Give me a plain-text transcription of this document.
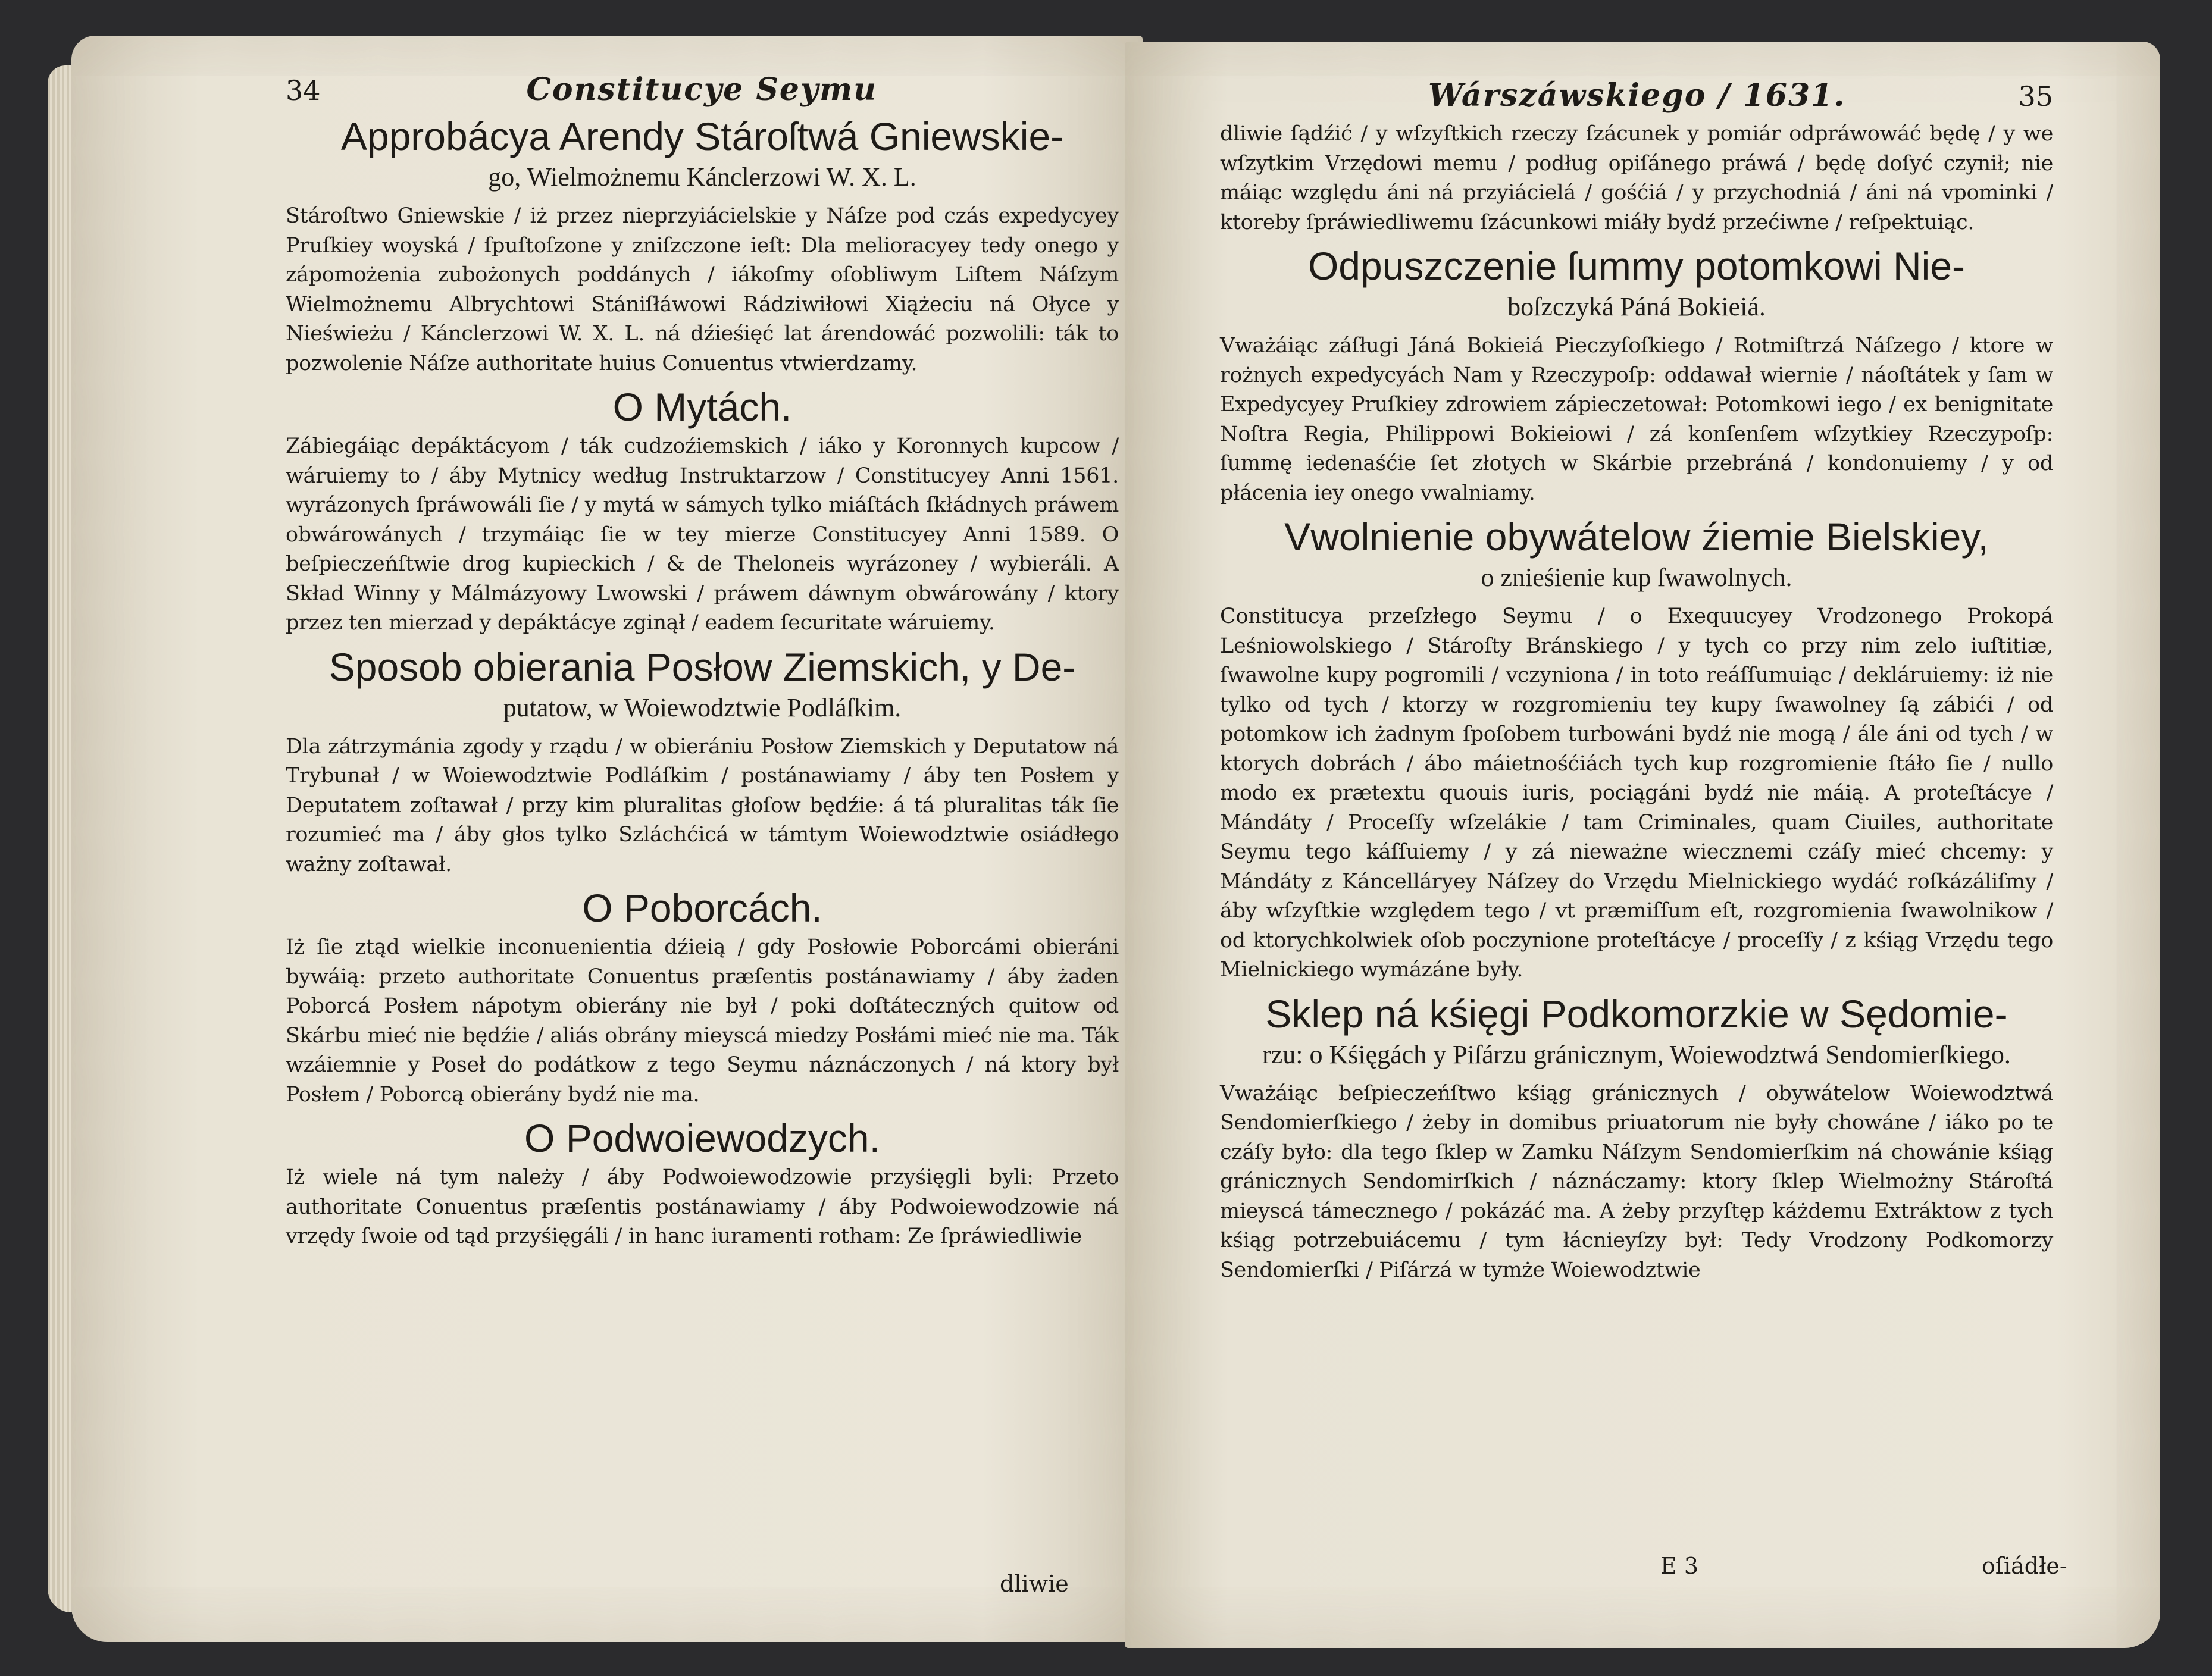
34	Constitucye Seymu
Approbácya Arendy Stároſtwá Gniewskie-
go, Wielmożnemu Kánclerzowi W. X. L.

Stároſtwo Gniewskie / iż przez nieprzyiácielskie y Náſze pod czás expedycyey Pruſkiey woyská / ſpuſtoſzone y zniſzczone ieſt: Dla melioracyey tedy onego y zápomożenia zubożonych poddánych / iákoſmy oſobliwym Liſtem Náſzym Wielmożnemu Albrychtowi Stániſłáwowi Rádziwiłowi Xiążeciu ná Ołyce y Nieświeżu / Kánclerzowi W. X. L. ná dźieśięć lat árendowáć pozwolili: ták to pozwolenie Náſze authoritate huius Conuentus vtwierdzamy.

O Mytách.

Zábiegáiąc depáktácyom / ták cudzoźiemskich / iáko y Koronnych kupcow / wáruiemy to / áby Mytnicy według Instruktarzow / Constitucyey Anni 1561. wyrázonych ſpráwowáli ſie / y mytá w sámych tylko miáſtách ſkłádnych práwem obwárowánych / trzymáiąc ſie w tey mierze Constitucyey Anni 1589. O beſpieczeńſtwie drog kupieckich / & de Theloneis wyrázoney / wybieráli. A Skład Winny y Málmázyowy Lwowski / práwem dáwnym obwárowány / ktory przez ten mierzad y depáktácye zginął / eadem ſecuritate wáruiemy.

Sposob obierania Posłow Ziemskich, y De-
putatow, w Woiewodztwie Podláſkim.

Dla zátrzymánia zgody y rządu / w obierániu Posłow Ziemskich y Deputatow ná Trybunał / w Woiewodztwie Podláſkim / postánawiamy / áby ten Posłem y Deputatem zoſtawał / przy kim pluralitas głoſow będźie: á tá pluralitas ták ſie rozumieć ma / áby głos tylko Szláchćicá w támtym Woiewodztwie osiádłego ważny zoſtawał.

O Poborcách.

Iż ſie ztąd wielkie inconuenientia dźieią / gdy Posłowie Poborcámi obieráni bywáią: przeto authoritate Conuentus præſentis postánawiamy / áby żaden Poborcá Posłem nápotym obierány nie był / poki doſtáteczných quitow od Skárbu mieć nie będźie / aliás obrány mieyscá miedzy Posłámi mieć nie ma. Ták wzáiemnie y Poseł do podátkow z tego Seymu náznáczonych / ná ktory był Posłem / Poborcą obierány bydź nie ma.

O Podwoiewodzych.

Iż wiele ná tym należy / áby Podwoiewodzowie przyśięgli byli: Przeto authoritate Conuentus præſentis postánawiamy / áby Podwoiewodzowie ná vrzędy ſwoie od tąd przyśięgáli / in hanc iuramenti rotham: Ze ſpráwiedliwie

dliwie
Wárszáwskiego / 1631.	35

dliwie ſądźić / y wſzyſtkich rzeczy ſzácunek y pomiár odpráwowáć będę / y we wſzytkim Vrzędowi memu / podług opiſánego práwá / będę doſyć czynił; nie máiąc względu áni ná przyiácielá / gośćiá / y przychodniá / áni ná vpominki / ktoreby ſpráwiedliwemu ſzácunkowi miáły bydź przećiwne / reſpektuiąc.

Odpuszczenie ſummy potomkowi Nie-
boſzczyká Páná Bokieiá.

Vważáiąc záſługi Jáná Bokieiá Pieczyſoſkiego / Rotmiſtrzá Náſzego / ktore w rożnych expedycyách Nam y Rzeczypoſp: oddawał wiernie / náoſtátek y ſam w Expedycyey Pruſkiey zdrowiem zápieczetował: Potomkowi iego / ex benignitate Noſtra Regia, Philippowi Bokieiowi / zá konſenſem wſzytkiey Rzeczypoſp: ſummę iedenaśćie ſet złotych w Skárbie przebráná / kondonuiemy / y od płácenia iey onego vwalniamy.

Vwolnienie obywátelow źiemie Bielskiey,
o znieśienie kup ſwawolnych.

Constitucya przeſzłego Seymu / o Exequucyey Vrodzonego Prokopá Leśniowolskiego / Stároſty Bránskiego / y tych co przy nim zelo iuſtitiæ, ſwawolne kupy pogromili / vczyniona / in toto reáſſumuiąc / dekláruiemy: iż nie tylko od tych / ktorzy w rozgromieniu tey kupy ſwawolney ſą zábići / od potomkow ich żadnym ſpoſobem turbowáni bydź nie mogą / ále áni od tych / w ktorych dobrách / ábo máietnośćiách tych kup rozgromienie ſtáło ſie / nullo modo ex prætextu quouis iuris, pociągáni bydź nie máią. A proteſtácye / Mándáty / Proceſſy wſzelákie / tam Criminales, quam Ciuiles, authoritate Seymu tego káſſuiemy / y zá nieważne wiecznemi czáſy mieć chcemy: y Mándáty z Káncelláryey Náſzey do Vrzędu Mielnickiego wydáć roſkázáliſmy / áby wſzyſtkie względem tego / vt præmiſſum eſt, rozgromienia ſwawolnikow / od ktorychkolwiek oſob poczynione proteſtácye / proceſſy / z kśiąg Vrzędu tego Mielnickiego wymázáne były.

Sklep ná kśięgi Podkomorzkie w Sędomie-
rzu: o Kśięgách y Piſárzu gránicznym, Woiewodztwá Sendomierſkiego.

Vważáiąc beſpieczeńſtwo kśiąg gránicznych / obywátelow Woiewodztwá Sendomierſkiego / żeby in domibus priuatorum nie były chowáne / iáko po te czáſy było: dla tego ſklep w Zamku Náſzym Sendomierſkim ná chowánie kśiąg gránicznych Sendomirſkich / náznáczamy: ktory ſklep Wielmożny Stároſtá mieyscá támecznego / pokázáć ma. A żeby przyſtęp káżdemu Extráktow z tych kśiąg potrzebuiácemu / tym łácnieyſzy był: Tedy Vrodzony Podkomorzy Sendomierſki / Piſárzá w tymże Woiewodztwie

E 3	oſiádłe-
